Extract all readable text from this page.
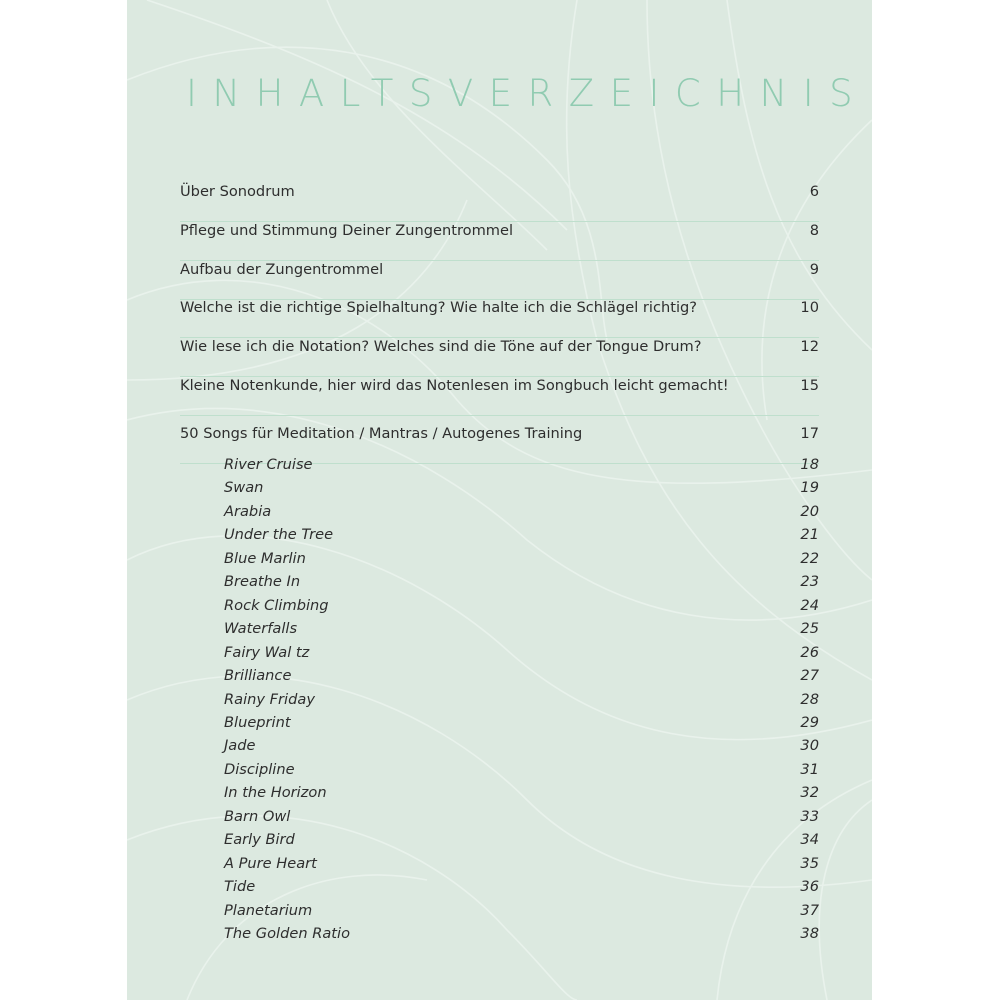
INHALTSVERZEICHNIS
Über Sonodrum	6
Pflege und Stimmung Deiner Zungentrommel	8
Aufbau der Zungentrommel	9
Welche ist die richtige Spielhaltung? Wie halte ich die Schlägel richtig?	10
Wie lese ich die Notation? Welches sind die Töne auf der Tongue Drum?	12
Kleine Notenkunde, hier wird das Notenlesen im Songbuch leicht gemacht!	15
50 Songs für Meditation / Mantras / Autogenes Training	17
River Cruise	18
Swan	19
Arabia	20
Under the Tree	21
Blue Marlin	22
Breathe In	23
Rock Climbing	24
Waterfalls	25
Fairy Wal tz	26
Brilliance	27
Rainy Friday	28
Blueprint	29
Jade	30
Discipline	31
In the Horizon	32
Barn Owl	33
Early Bird	34
A Pure Heart	35
Tide	36
Planetarium	37
The Golden Ratio	38
